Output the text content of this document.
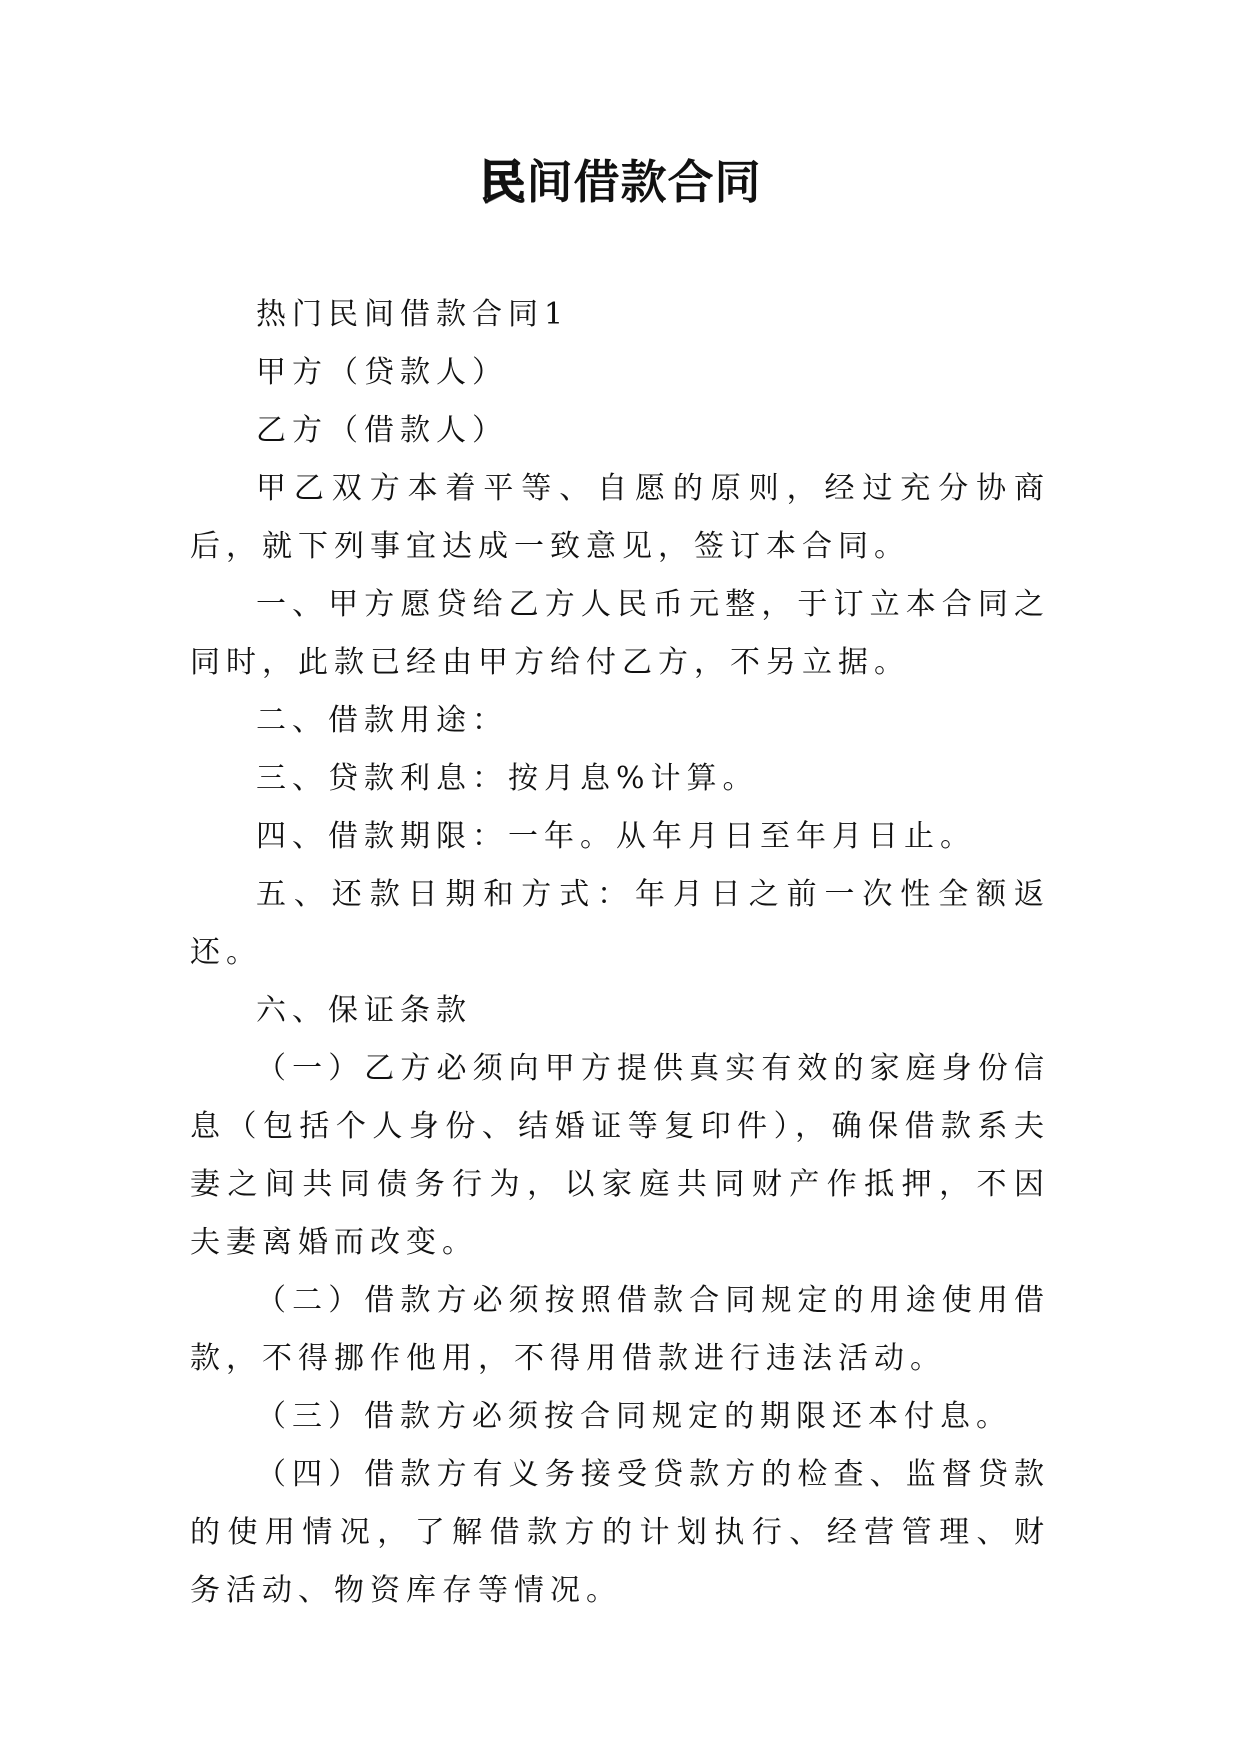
民间借款合同

热门民间借款合同1

甲方（贷款人）

乙方（借款人）

甲乙双方本着平等、自愿的原则，经过充分协商后，就下列事宜达成一致意见，签订本合同。

一、甲方愿贷给乙方人民币元整，于订立本合同之同时，此款已经由甲方给付乙方，不另立据。

二、借款用途：

三、贷款利息：按月息%计算。

四、借款期限：一年。从年月日至年月日止。

五、还款日期和方式：年月日之前一次性全额返还。

六、保证条款

（一）乙方必须向甲方提供真实有效的家庭身份信息（包括个人身份、结婚证等复印件），确保借款系夫妻之间共同债务行为，以家庭共同财产作抵押，不因夫妻离婚而改变。

（二）借款方必须按照借款合同规定的用途使用借款，不得挪作他用，不得用借款进行违法活动。

（三）借款方必须按合同规定的期限还本付息。

（四）借款方有义务接受贷款方的检查、监督贷款的使用情况，了解借款方的计划执行、经营管理、财务活动、物资库存等情况。
